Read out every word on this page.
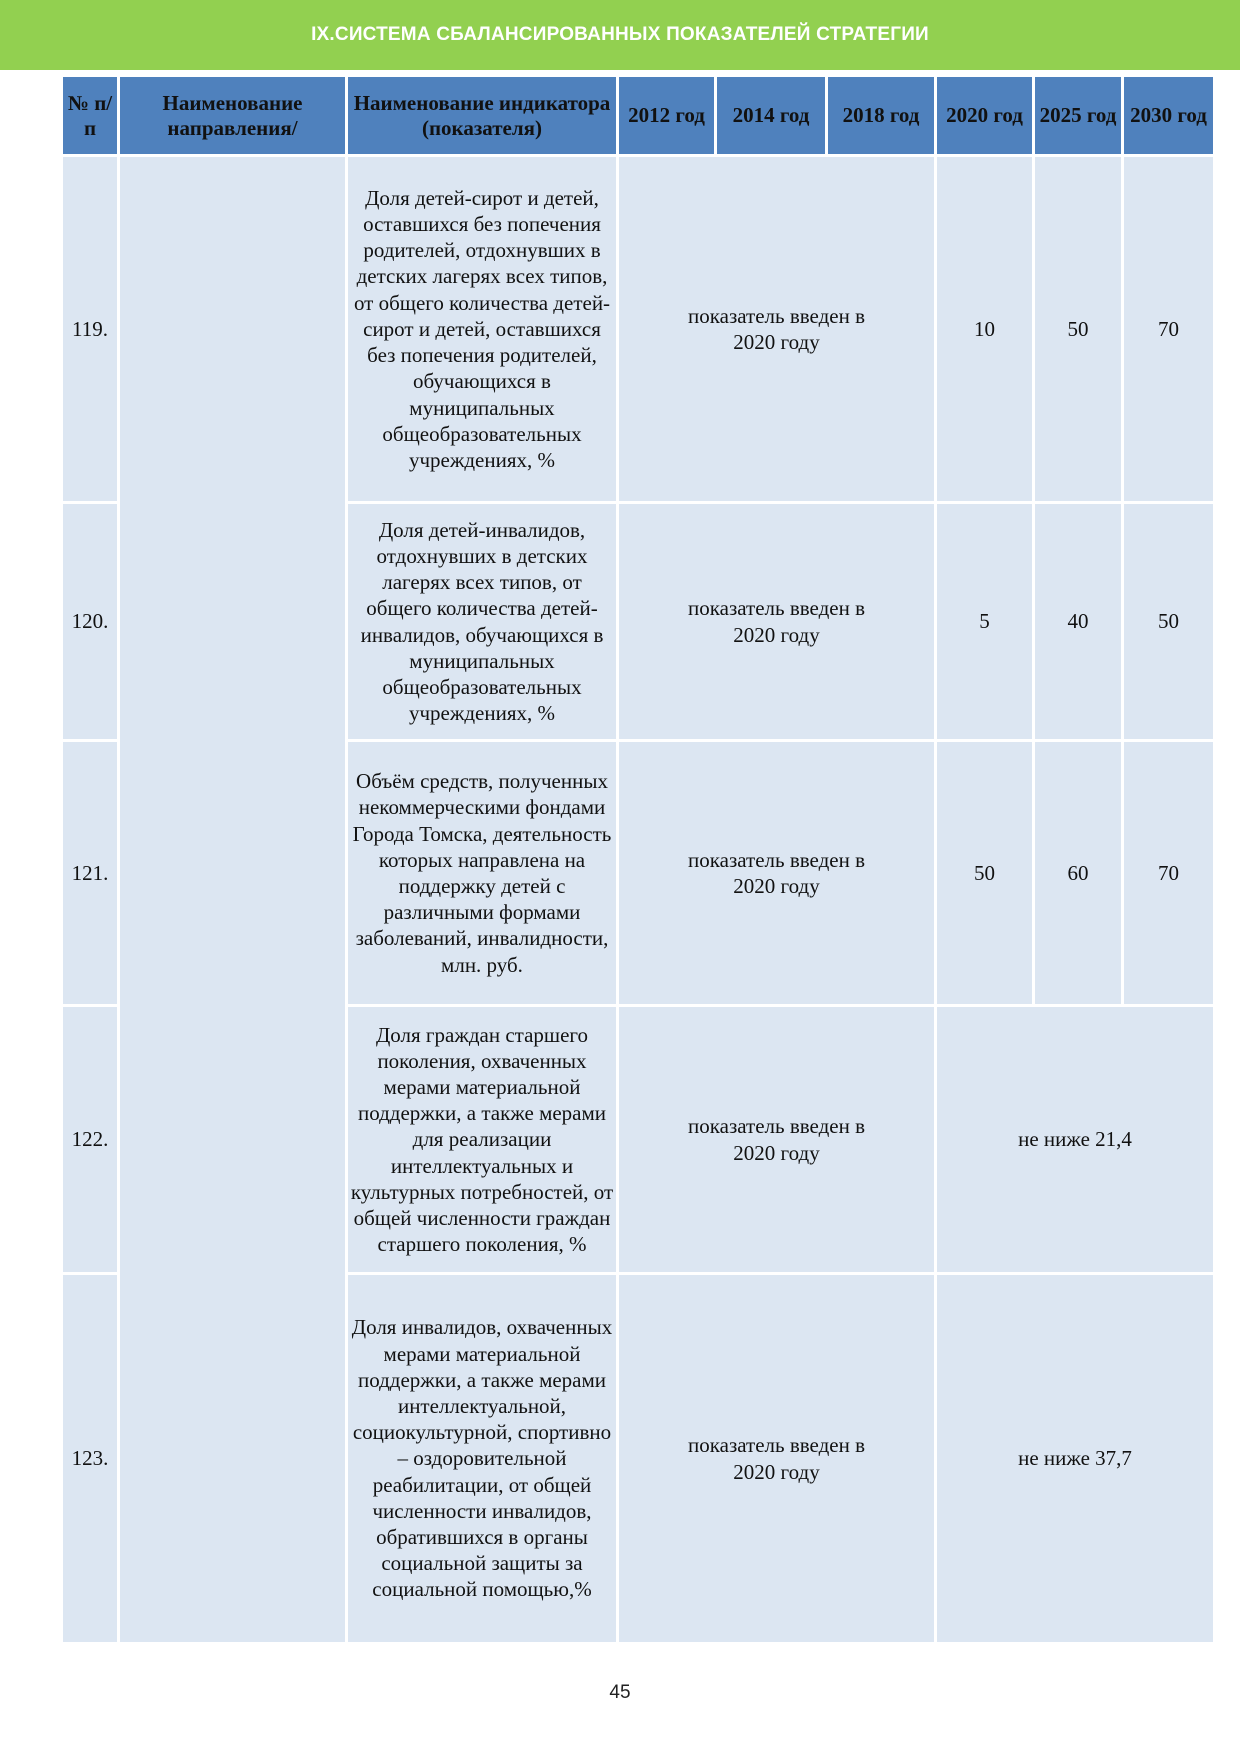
IX.СИСТЕМА СБАЛАНСИРОВАННЫХ ПОКАЗАТЕЛЕЙ СТРАТЕГИИ
№ п/п	Наименование направления/	Наименование индикатора (показателя)	2012 год	2014 год	2018 год	2020 год	2025 год	2030 год
119.		Доля детей-сирот и детей, оставшихся без попечения родителей, отдохнувших в детских лагерях всех типов, от общего количества детей-сирот и детей, оставшихся без попечения родителей, обучающихся в муниципальных общеобразовательных учреждениях, %	показатель введен в 2020 году			10	50	70
120.		Доля детей-инвалидов, отдохнувших в детских лагерях всех типов, от общего количества детей-инвалидов, обучающихся в муниципальных общеобразовательных учреждениях, %	показатель введен в 2020 году			5	40	50
121.		Объём средств, полученных некоммерческими фондами Города Томска, деятельность которых направлена на поддержку детей с различными формами заболеваний, инвалидности, млн. руб.	показатель введен в 2020 году			50	60	70
122.		Доля граждан старшего поколения, охваченных мерами материальной поддержки, а также мерами для реализации интеллектуальных и культурных потребностей, от общей численности граждан старшего поколения, %	показатель введен в 2020 году			не ниже 21,4		
123.		Доля инвалидов, охваченных мерами материальной поддержки, а также мерами интеллектуальной, социокультурной, спортивно – оздоровительной реабилитации, от общей численности инвалидов, обратившихся в органы социальной защиты за социальной помощью,%	показатель введен в 2020 году			не ниже 37,7		
45
